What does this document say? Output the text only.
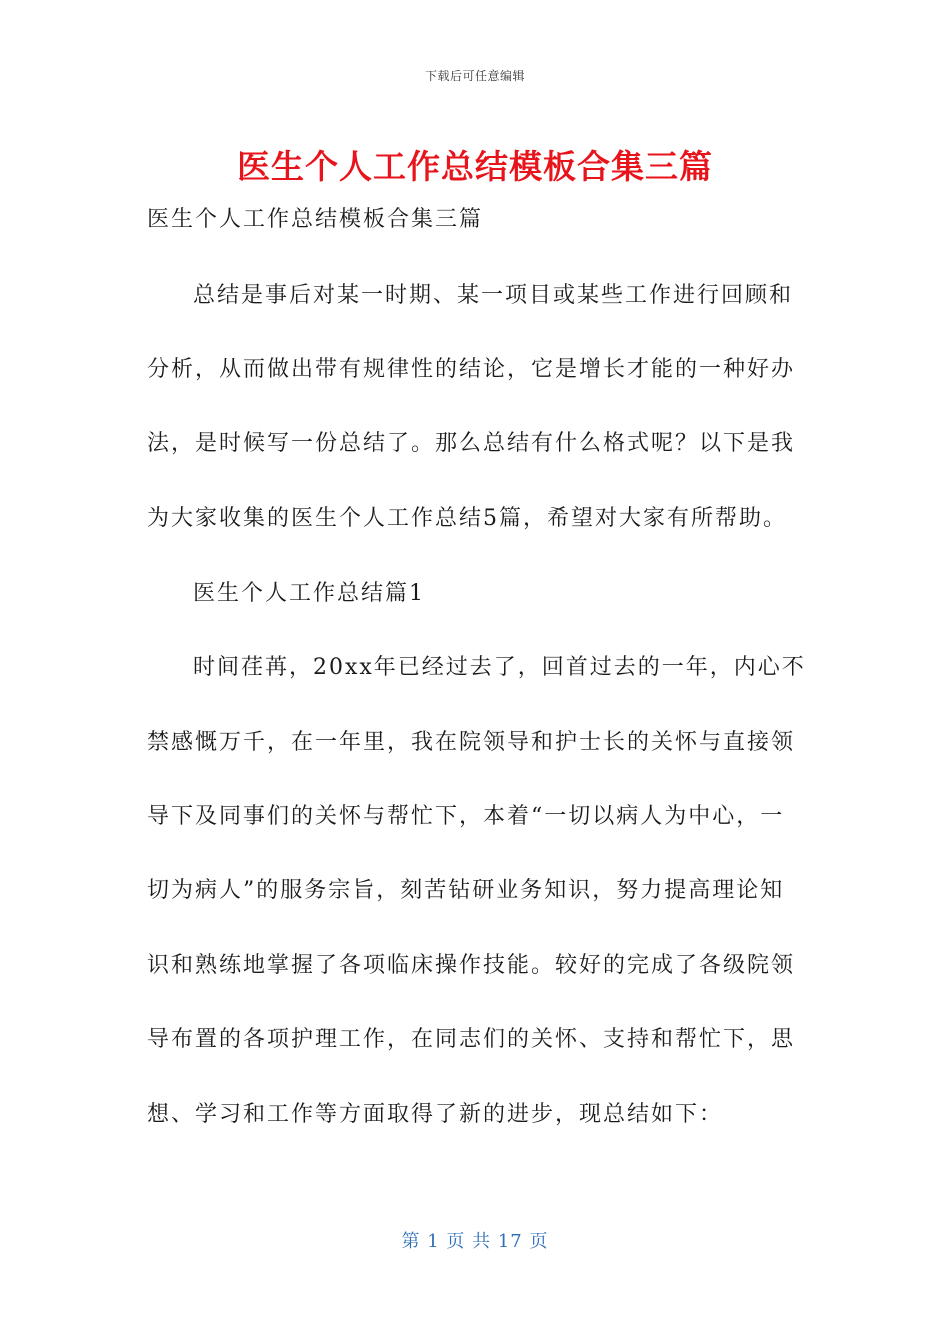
下载后可任意编辑
医生个人工作总结模板合集三篇
医生个人工作总结模板合集三篇
总结是事后对某一时期、某一项目或某些工作进行回顾和
分析，从而做出带有规律性的结论，它是增长才能的一种好办
法，是时候写一份总结了。那么总结有什么格式呢？以下是我
为大家收集的医生个人工作总结5篇，希望对大家有所帮助。
医生个人工作总结篇1
时间荏苒，20xx年已经过去了，回首过去的一年，内心不
禁感慨万千，在一年里，我在院领导和护士长的关怀与直接领
导下及同事们的关怀与帮忙下，本着“一切以病人为中心，一
切为病人”的服务宗旨，刻苦钻研业务知识，努力提高理论知
识和熟练地掌握了各项临床操作技能。较好的完成了各级院领
导布置的各项护理工作，在同志们的关怀、支持和帮忙下，思
想、学习和工作等方面取得了新的进步，现总结如下：
第 1 页 共 17 页
